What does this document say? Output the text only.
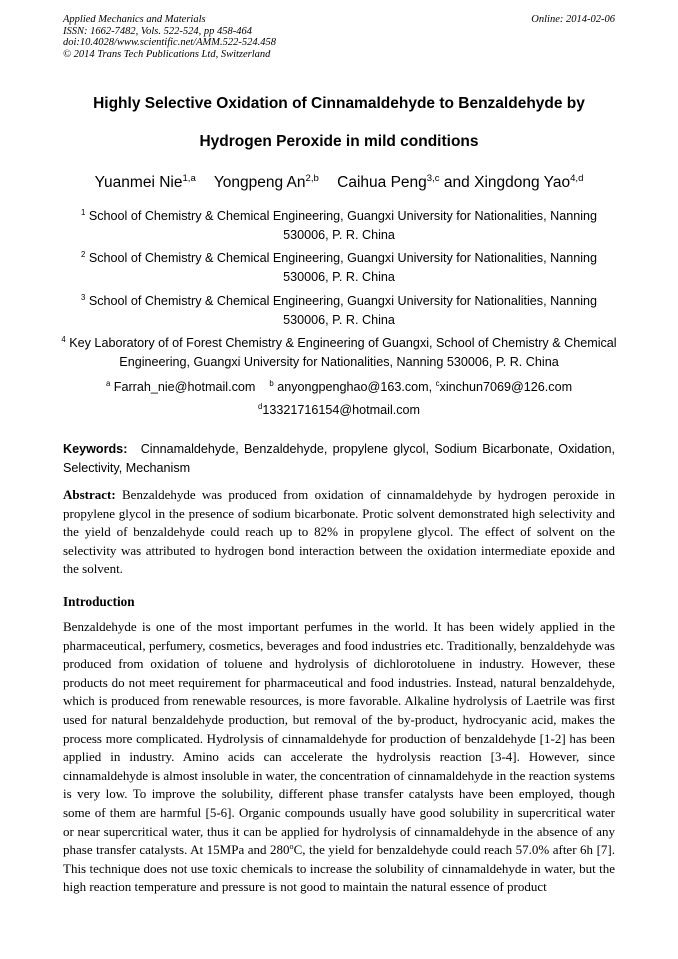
Applied Mechanics and Materials
ISSN: 1662-7482, Vols. 522-524, pp 458-464
doi:10.4028/www.scientific.net/AMM.522-524.458
© 2014 Trans Tech Publications Ltd, Switzerland
Online: 2014-02-06
Highly Selective Oxidation of Cinnamaldehyde to Benzaldehyde by
Hydrogen Peroxide in mild conditions
Yuanmei Nie$^{1,a}$ Yongpeng An$^{2,b}$ Caihua Peng$^{3,c}$ and Xingdong Yao$^{4,d}$
$^1$ School of Chemistry & Chemical Engineering, Guangxi University for Nationalities, Nanning
530006, P. R. China
$^2$ School of Chemistry & Chemical Engineering, Guangxi University for Nationalities, Nanning
530006, P. R. China
$^3$ School of Chemistry & Chemical Engineering, Guangxi University for Nationalities, Nanning
530006, P. R. China
$^4$ Key Laboratory of of Forest Chemistry & Engineering of Guangxi, School of Chemistry & Chemical
Engineering, Guangxi University for Nationalities, Nanning 530006, P. R. China
$^a$ Farrah_nie@hotmail.com $^b$ anyongpenghao@163.com, $^c$xinchun7069@126.com
$^d$13321716154@hotmail.com
Keywords: Cinnamaldehyde, Benzaldehyde, propylene glycol, Sodium Bicarbonate, Oxidation, Selectivity, Mechanism
Abstract: Benzaldehyde was produced from oxidation of cinnamaldehyde by hydrogen peroxide in propylene glycol in the presence of sodium bicarbonate. Protic solvent demonstrated high selectivity and the yield of benzaldehyde could reach up to 82% in propylene glycol. The effect of solvent on the selectivity was attributed to hydrogen bond interaction between the oxidation intermediate epoxide and the solvent.
Introduction
Benzaldehyde is one of the most important perfumes in the world. It has been widely applied in the pharmaceutical, perfumery, cosmetics, beverages and food industries etc. Traditionally, benzaldehyde was produced from oxidation of toluene and hydrolysis of dichlorotoluene in industry. However, these products do not meet requirement for pharmaceutical and food industries. Instead, natural benzaldehyde, which is produced from renewable resources, is more favorable. Alkaline hydrolysis of Laetrile was first used for natural benzaldehyde production, but removal of the by-product, hydrocyanic acid, makes the process more complicated. Hydrolysis of cinnamaldehyde for production of benzaldehyde [1-2] has been applied in industry. Amino acids can accelerate the hydrolysis reaction [3-4]. However, since cinnamaldehyde is almost insoluble in water, the concentration of cinnamaldehyde in the reaction systems is very low. To improve the solubility, different phase transfer catalysts have been employed, though some of them are harmful [5-6]. Organic compounds usually have good solubility in supercritical water or near supercritical water, thus it can be applied for hydrolysis of cinnamaldehyde in the absence of any phase transfer catalysts. At 15MPa and 280$^o$C, the yield for benzaldehyde could reach 57.0% after 6h [7]. This technique does not use toxic chemicals to increase the solubility of cinnamaldehyde in water, but the high reaction temperature and pressure is not good to maintain the natural essence of product
